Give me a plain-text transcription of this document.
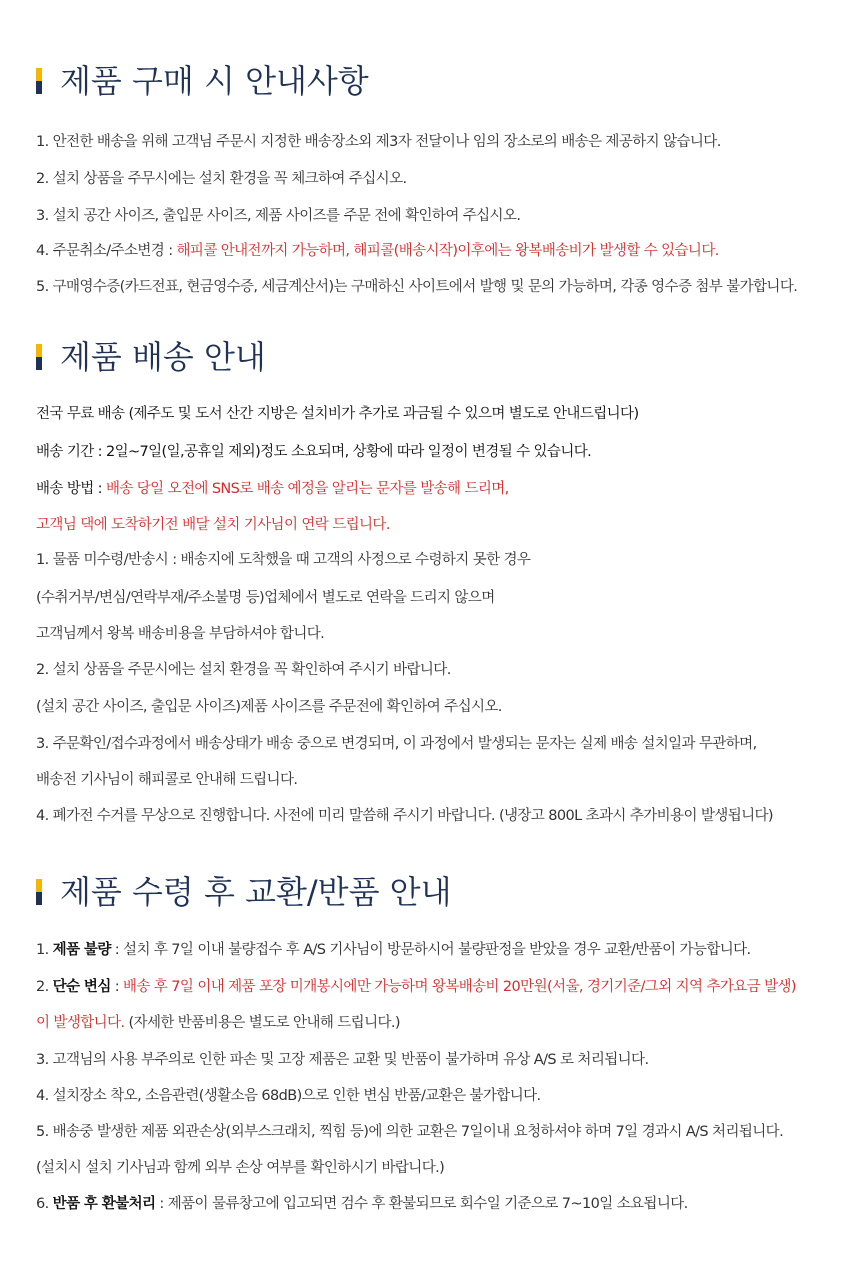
제품 구매 시 안내사항
1. 안전한 배송을 위해 고객님 주문시 지정한 배송장소외 제3자 전달이나 임의 장소로의 배송은 제공하지 않습니다.
2. 설치 상품을 주무시에는 설치 환경을 꼭 체크하여 주십시오.
3. 설치 공간 사이즈, 출입문 사이즈, 제품 사이즈를 주문 전에 확인하여 주십시오.
4. 주문취소/주소변경 : 해피콜 안내전까지 가능하며, 해피콜(배송시작)이후에는 왕복배송비가 발생할 수 있습니다.
5. 구매영수증(카드전표, 현금영수증, 세금계산서)는 구매하신 사이트에서 발행 및 문의 가능하며, 각종 영수증 첨부 불가합니다.
제품 배송 안내
전국 무료 배송 (제주도 및 도서 산간 지방은 설치비가 추가로 과금될 수 있으며 별도로 안내드립니다)
배송 기간 : 2일~7일(일,공휴일 제외)정도 소요되며, 상황에 따라 일정이 변경될 수 있습니다.
배송 방법 : 배송 당일 오전에 SNS로 배송 예정을 알리는 문자를 발송해 드리며,
고객님 댁에 도착하기전 배달 설치 기사님이 연락 드립니다.
1. 물품 미수령/반송시 : 배송지에 도착했을 때 고객의 사정으로 수령하지 못한 경우
(수취거부/변심/연락부재/주소불명 등)업체에서 별도로 연락을 드리지 않으며
고객님께서 왕복 배송비용을 부담하셔야 합니다.
2. 설치 상품을 주문시에는 설치 환경을 꼭 확인하여 주시기 바랍니다.
(설치 공간 사이즈, 출입문 사이즈)제품 사이즈를 주문전에 확인하여 주십시오.
3. 주문확인/접수과정에서 배송상태가 배송 중으로 변경되며, 이 과정에서 발생되는 문자는 실제 배송 설치일과 무관하며,
배송전 기사님이 해피콜로 안내해 드립니다.
4. 폐가전 수거를 무상으로 진행합니다. 사전에 미리 말씀해 주시기 바랍니다. (냉장고 800L 초과시 추가비용이 발생됩니다)
제품 수령 후 교환/반품 안내
1. 제품 불량 : 설치 후 7일 이내 불량접수 후 A/S 기사님이 방문하시어 불량판정을 받았을 경우 교환/반품이 가능합니다.
2. 단순 변심 : 배송 후 7일 이내 제품 포장 미개봉시에만 가능하며 왕복배송비 20만원(서울, 경기기준/그외 지역 추가요금 발생)
이 발생합니다. (자세한 반품비용은 별도로 안내해 드립니다.)
3. 고객님의 사용 부주의로 인한 파손 및 고장 제품은 교환 및 반품이 불가하며 유상 A/S 로 처리됩니다.
4. 설치장소 착오, 소음관련(생활소음 68dB)으로 인한 변심 반품/교환은 불가합니다.
5. 배송중 발생한 제품 외관손상(외부스크래치, 찍힘 등)에 의한 교환은 7일이내 요청하셔야 하며 7일 경과시 A/S 처리됩니다.
(설치시 설치 기사님과 함께 외부 손상 여부를 확인하시기 바랍니다.)
6. 반품 후 환불처리 : 제품이 물류창고에 입고되면 검수 후 환불되므로 회수일 기준으로 7~10일 소요됩니다.
